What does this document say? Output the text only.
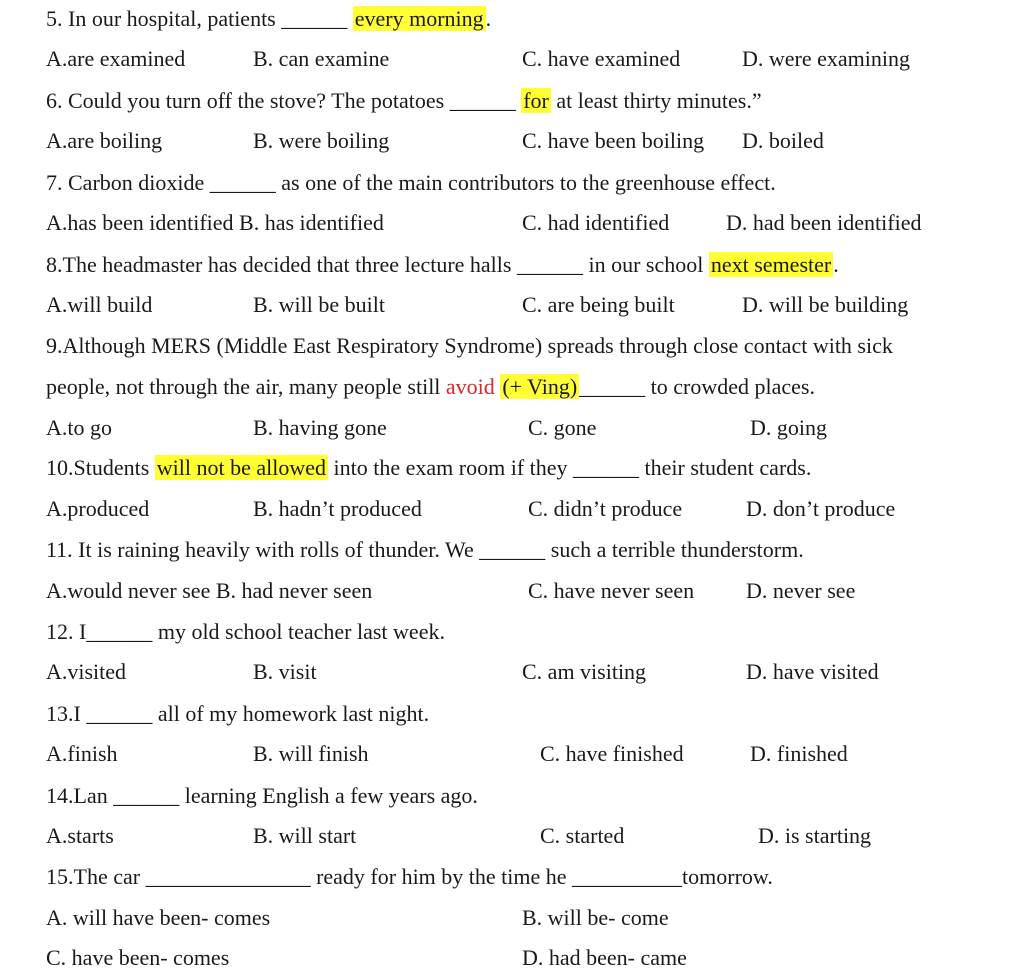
5. In our hospital, patients ______ every morning.
A.are examined	B. can examine	C. have examined	D. were examining
6. Could you turn off the stove? The potatoes ______ for at least thirty minutes.”
A.are boiling	B. were boiling	C. have been boiling D. boiled
7. Carbon dioxide ______ as one of the main contributors to the greenhouse effect.
A.has been identified B. has identified	C. had identified	D. had been identified
8.The headmaster has decided that three lecture halls ______ in our school next semester.
A.will build	B. will be built	C. are being built	D. will be building
9.Although MERS (Middle East Respiratory Syndrome) spreads through close contact with sick
people, not through the air, many people still avoid (+ Ving)______ to crowded places.
A.to go	B. having gone	C. gone	D. going
10.Students will not be allowed into the exam room if they ______ their student cards.
A.produced	B. hadn’t produced	C. didn’t produce	D. don’t produce
11. It is raining heavily with rolls of thunder. We ______ such a terrible thunderstorm.
A.would never see B. had never seen	C. have never seen D. never see
12. I______ my old school teacher last week.
A.visited	B. visit	C. am visiting	D. have visited
13.I ______ all of my homework last night.
A.finish	B. will finish	C. have finished	D. finished
14.Lan ______ learning English a few years ago.
A.starts	B. will start	C. started	D. is starting
15.The car _______________ ready for him by the time he __________tomorrow.
A. will have been- comes	B. will be- come
C. have been- comes	D. had been- came
